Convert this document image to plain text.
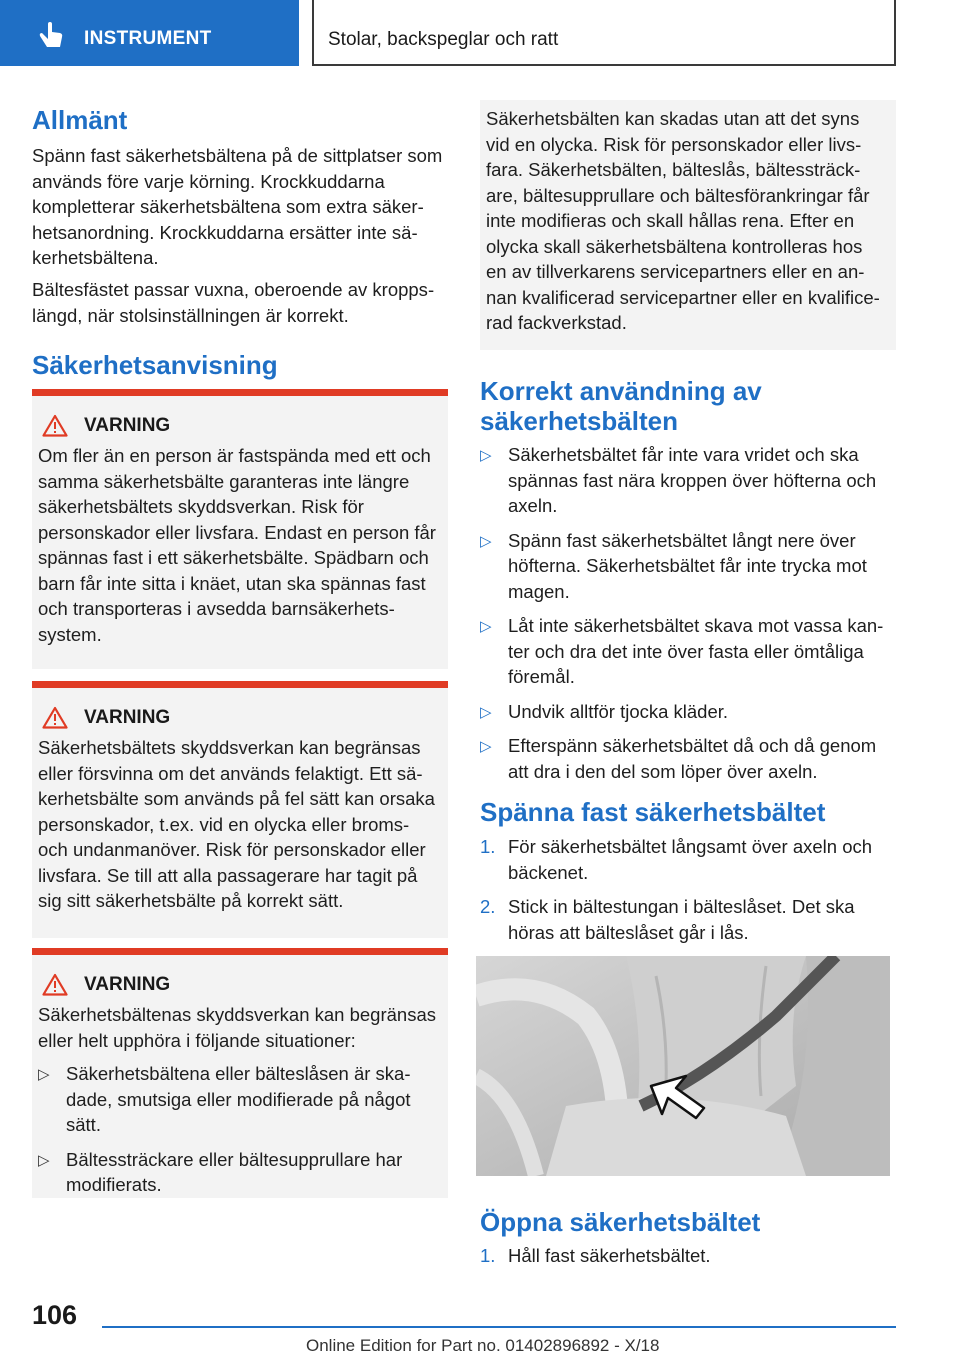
INSTRUMENT	Stolar, backspeglar och ratt
Allmänt

Spänn fast säkerhetsbältena på de sittplatser som används före varje körning. Krockkuddarna kompletterar säkerhetsbältena som extra säkerhetsanordning. Krockkuddarna ersätter inte säkerhetsbältena.

Bältesfästet passar vuxna, oberoende av kroppslängd, när stolsinställningen är korrekt.

Säkerhetsanvisning
VARNING

Om fler än en person är fastspända med ett och samma säkerhetsbälte garanteras inte längre säkerhetsbältets skyddsverkan. Risk för personskador eller livsfara. Endast en person får spännas fast i ett säkerhetsbälte. Spädbarn och barn får inte sitta i knäet, utan ska spännas fast och transporteras i avsedda barnsäkerhetssystem.

VARNING

Säkerhetsbältets skyddsverkan kan begränsas eller försvinna om det används felaktigt. Ett säkerhetsbälte som används på fel sätt kan orsaka personskador, t.ex. vid en olycka eller broms- och undanmanöver. Risk för personskador eller livsfara. Se till att alla passagerare har tagit på sig sitt säkerhetsbälte på korrekt sätt.

VARNING

Säkerhetsbältenas skyddsverkan kan begränsas eller helt upphöra i följande situationer:

▷ Säkerhetsbältena eller bälteslåsen är skadade, smutsiga eller modifierade på något sätt.
▷ Bältessträckare eller bältesupprullare har modifierats.

Säkerhetsbälten kan skadas utan att det syns vid en olycka. Risk för personskador eller livsfara. Säkerhetsbälten, bälteslås, bältessträckare, bältesupprullare och bältesförankringar får inte modifieras och skall hållas rena. Efter en olycka skall säkerhetsbältena kontrolleras hos en av tillverkarens servicepartners eller en annan kvalificerad servicepartner eller en kvalificerad fackverkstad.

Korrekt användning av säkerhetsbälten
▷ Säkerhetsbältet får inte vara vridet och ska spännas fast nära kroppen över höfterna och axeln.
▷ Spänn fast säkerhetsbältet långt nere över höfterna. Säkerhetsbältet får inte trycka mot magen.
▷ Låt inte säkerhetsbältet skava mot vassa kanter och dra det inte över fasta eller ömtåliga föremål.
▷ Undvik alltför tjocka kläder.
▷ Efterspänn säkerhetsbältet då och då genom att dra i den del som löper över axeln.
Spänna fast säkerhetsbältet
1. För säkerhetsbältet långsamt över axeln och bäckenet.
2. Stick in bältestungan i bälteslåset. Det ska höras att bälteslåset går i lås.
Öppna säkerhetsbältet
1. Håll fast säkerhetsbältet.
106
Online Edition for Part no. 01402896892 - X/18
